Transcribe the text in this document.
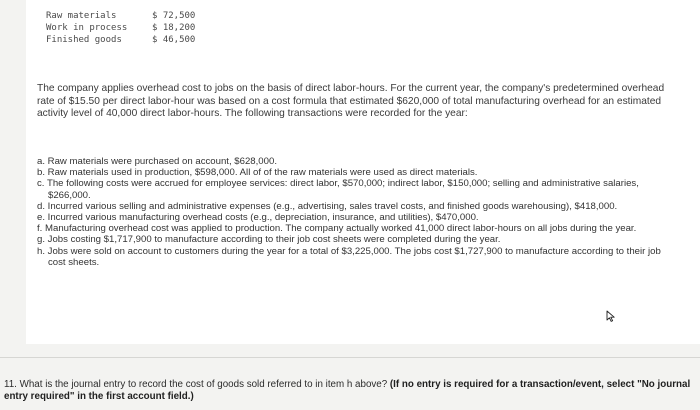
Raw materials	$ 72,500
Work in process	$ 18,200
Finished goods	$ 46,500

The company applies overhead cost to jobs on the basis of direct labor-hours. For the current year, the company's predetermined overhead rate of $15.50 per direct labor-hour was based on a cost formula that estimated $620,000 of total manufacturing overhead for an estimated activity level of 40,000 direct labor-hours. The following transactions were recorded for the year:

a. Raw materials were purchased on account, $628,000.
b. Raw materials used in production, $598,000. All of of the raw materials were used as direct materials.
c. The following costs were accrued for employee services: direct labor, $570,000; indirect labor, $150,000; selling and administrative salaries, $266,000.
d. Incurred various selling and administrative expenses (e.g., advertising, sales travel costs, and finished goods warehousing), $418,000.
e. Incurred various manufacturing overhead costs (e.g., depreciation, insurance, and utilities), $470,000.
f. Manufacturing overhead cost was applied to production. The company actually worked 41,000 direct labor-hours on all jobs during the year.
g. Jobs costing $1,717,900 to manufacture according to their job cost sheets were completed during the year.
h. Jobs were sold on account to customers during the year for a total of $3,225,000. The jobs cost $1,727,900 to manufacture according to their job cost sheets.

11. What is the journal entry to record the cost of goods sold referred to in item h above? (If no entry is required for a transaction/event, select "No journal entry required" in the first account field.)
